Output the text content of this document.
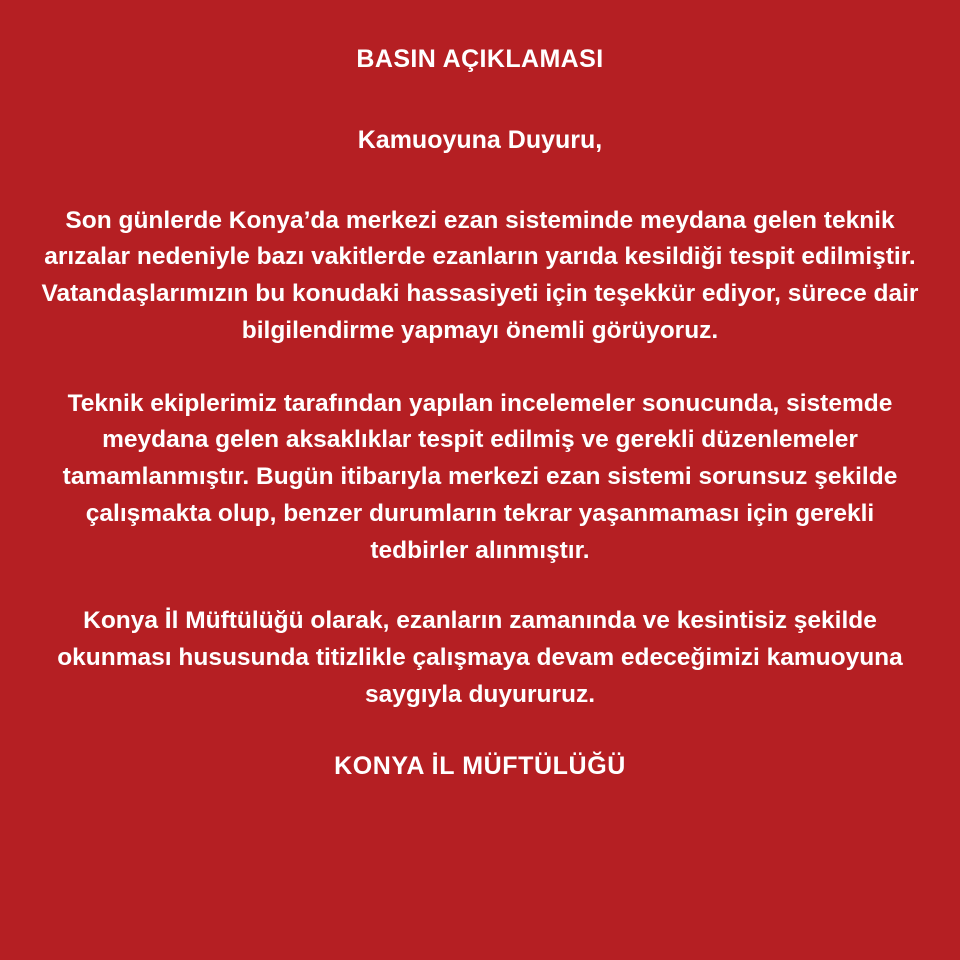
BASIN AÇIKLAMASI
Kamuoyuna Duyuru,

Son günlerde Konya’da merkezi ezan sisteminde meydana gelen teknik arızalar nedeniyle bazı vakitlerde ezanların yarıda kesildiği tespit edilmiştir. Vatandaşlarımızın bu konudaki hassasiyeti için teşekkür ediyor, sürece dair bilgilendirme yapmayı önemli görüyoruz.

Teknik ekiplerimiz tarafından yapılan incelemeler sonucunda, sistemde meydana gelen aksaklıklar tespit edilmiş ve gerekli düzenlemeler tamamlanmıştır. Bugün itibarıyla merkezi ezan sistemi sorunsuz şekilde çalışmakta olup, benzer durumların tekrar yaşanmaması için gerekli tedbirler alınmıştır.

Konya İl Müftülüğü olarak, ezanların zamanında ve kesintisiz şekilde okunması hususunda titizlikle çalışmaya devam edeceğimizi kamuoyuna saygıyla duyururuz.

KONYA İL MÜFTÜLÜĞÜ
